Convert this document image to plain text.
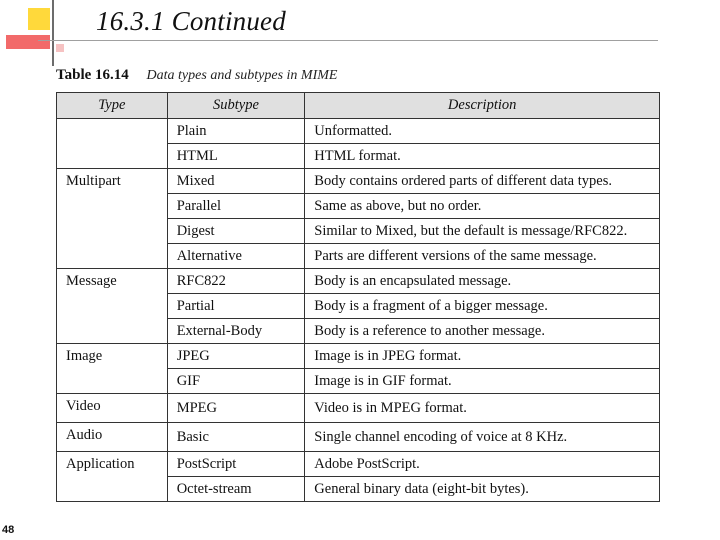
16.3.1 Continued
Table 16.14 Data types and subtypes in MIME
Type	Subtype	Description
	Plain	Unformatted.
	HTML	HTML format.
Multipart	Mixed	Body contains ordered parts of different data types.
	Parallel	Same as above, but no order.
	Digest	Similar to Mixed, but the default is message/RFC822.
	Alternative	Parts are different versions of the same message.
Message	RFC822	Body is an encapsulated message.
	Partial	Body is a fragment of a bigger message.
	External-Body	Body is a reference to another message.
Image	JPEG	Image is in JPEG format.
	GIF	Image is in GIF format.
Video	MPEG	Video is in MPEG format.
Audio	Basic	Single channel encoding of voice at 8 KHz.
Application	PostScript	Adobe PostScript.
	Octet-stream	General binary data (eight-bit bytes).
48
